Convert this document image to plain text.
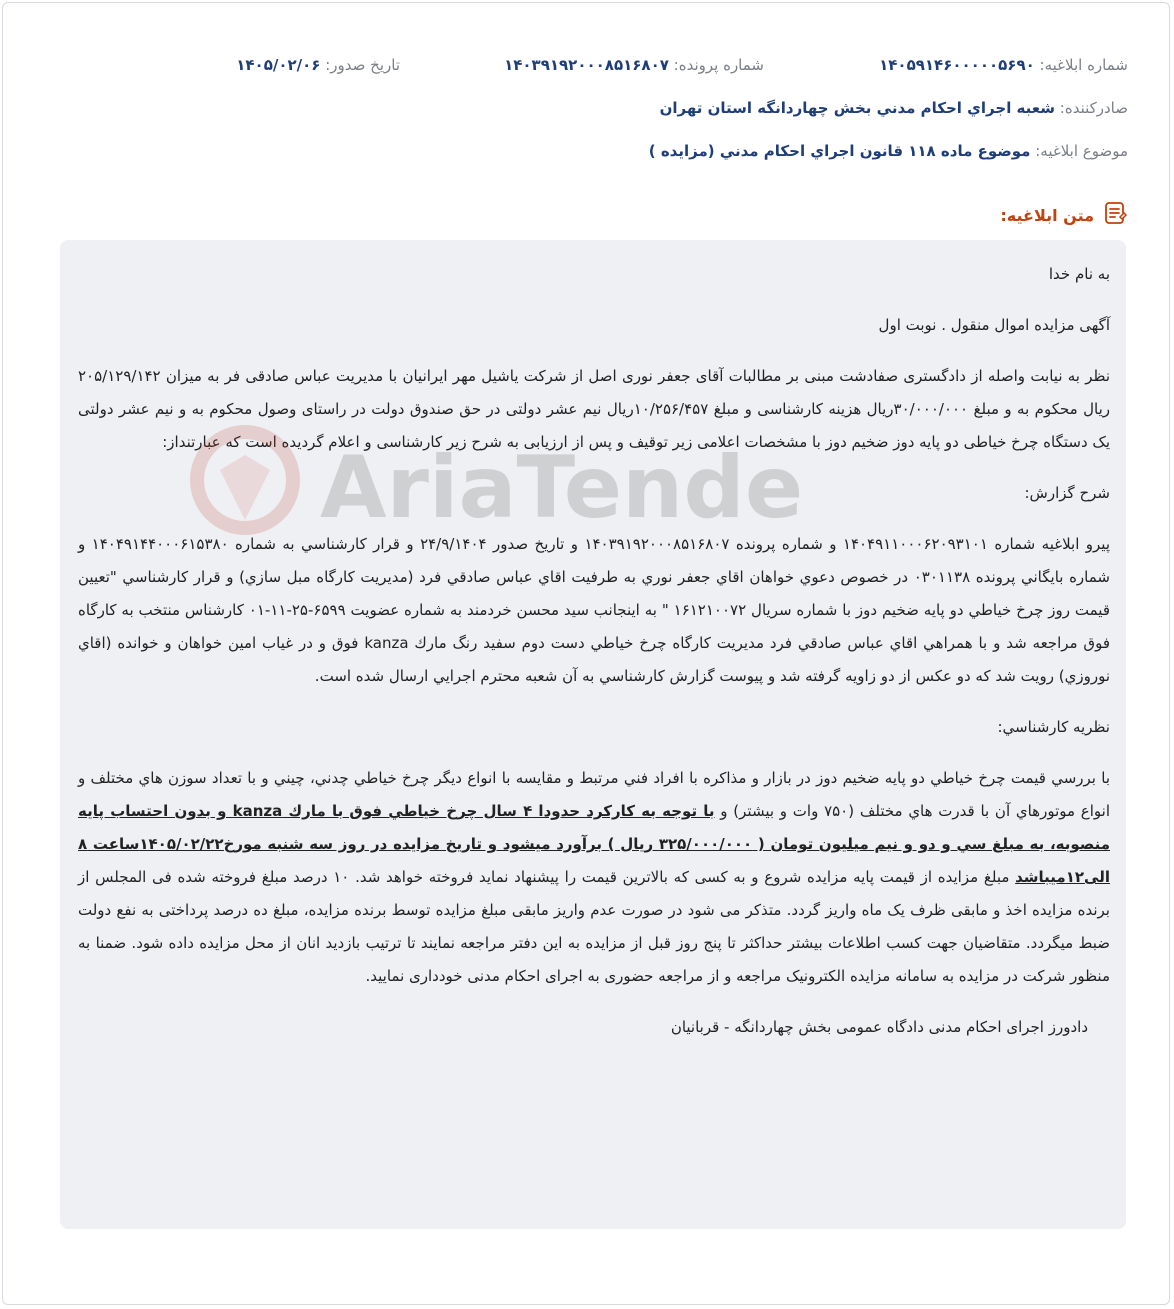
شماره ابلاغیه: ۱۴۰۵۹۱۴۶۰۰۰۰۰۵۶۹۰
شماره پرونده: ۱۴۰۳۹۱۹۲۰۰۰۸۵۱۶۸۰۷
تاریخ صدور: ۱۴۰۵/۰۲/۰۶
صادرکننده: شعبه اجراي احكام مدني بخش چهاردانگه استان تهران
موضوع ابلاغیه: موضوع ماده ۱۱۸ قانون اجراي احكام مدني (مزايده )
متن ابلاغیه:

به نام خدا

آگهی مزایده اموال منقول . نوبت اول

نظر به نیابت واصله از دادگستری صفادشت مبنی بر مطالبات آقای جعفر نوری اصل از شرکت یاشیل مهر ایرانیان با مدیریت عباس صادقی فر به میزان ۲۰۵/۱۲۹/۱۴۲ ریال محکوم به و مبلغ ۳۰/۰۰۰/۰۰۰ریال هزینه کارشناسی و مبلغ ۱۰/۲۵۶/۴۵۷ریال نیم عشر دولتی در حق صندوق دولت در راستای وصول محکوم به و نیم عشر دولتی یک دستگاه چرخ خیاطی دو پایه دوز ضخیم دوز با مشخصات اعلامی زیر توقیف و پس از ارزیابی به شرح زیر کارشناسی و اعلام گردیده است که عبارتنداز:

شرح گزارش:

پیرو ابلاغیه شماره ۱۴۰۴۹۱۱۰۰۰۶۲۰۹۳۱۰۱ و شماره پرونده ۱۴۰۳۹۱۹۲۰۰۰۸۵۱۶۸۰۷ و تاریخ صدور ۲۴/۹/۱۴۰۴ و قرار کارشناسي به شماره ۱۴۰۴۹۱۴۴۰۰۰۶۱۵۳۸۰ و شماره بایگاني پرونده ۰۳۰۱۱۳۸ در خصوص دعوي خواهان اقاي جعفر نوري به طرفیت اقاي عباس صادقي فرد (مدیریت کارگاه مبل سازي) و قرار کارشناسي "تعیین قیمت روز چرخ خیاطي دو پایه ضخیم دوز با شماره سریال ۱۶۱۲۱۰۰۷۲ " به اینجانب سید محسن خردمند به شماره عضویت ۶۵۹۹-۲۵-۱۱-۰۱ کارشناس منتخب به کارگاه فوق مراجعه شد و با همراهي اقاي عباس صادقي فرد مدیریت کارگاه چرخ خیاطي دست دوم سفید رنگ مارك kanza فوق و در غیاب امین خواهان و خوانده (اقاي نوروزي) رویت شد که دو عکس از دو زاویه گرفته شد و پیوست گزارش کارشناسي به آن شعبه محترم اجرایي ارسال شده است.

نظریه کارشناسي:

با بررسي قیمت چرخ خیاطي دو پایه ضخیم دوز در بازار و مذاکره با افراد فني مرتبط و مقایسه با انواع دیگر چرخ خیاطي چدني، چیني و با تعداد سوزن هاي مختلف و انواع موتورهاي آن با قدرت هاي مختلف (۷۵۰ وات و بیشتر) و با توجه به کارکرد حدودا ۴ سال چرخ خیاطي فوق با مارك kanza و بدون احتساب پایه منصوبه، به مبلغ سي و دو و نیم میلیون تومان ( ۳۲۵/۰۰۰/۰۰۰ ریال ) برآورد میشود و تاریخ مزایده در روز سه شنبه مورخ۱۴۰۵/۰۲/۲۲ساعت ۸ الی۱۲میباشد مبلغ مزایده از قیمت پایه مزایده شروع و به کسی که بالاترین قیمت را پیشنهاد نماید فروخته خواهد شد. ۱۰ درصد مبلغ فروخته شده فی المجلس از برنده مزایده اخذ و مابقی ظرف یک ماه واریز گردد. متذکر می شود در صورت عدم واریز مابقی مبلغ مزایده توسط برنده مزایده، مبلغ ده درصد پرداختی به نفع دولت ضبط میگردد. متقاضیان جهت کسب اطلاعات بیشتر حداکثر تا پنج روز قبل از مزایده به این دفتر مراجعه نمایند تا ترتیب بازدید انان از محل مزایده داده شود. ضمنا به منظور شرکت در مزایده به سامانه مزایده الکترونیک مراجعه و از مراجعه حضوری به اجرای احکام مدنی خودداری نمایید.

دادورز اجرای احکام مدنی دادگاه عمومی بخش چهاردانگه - قربانیان
